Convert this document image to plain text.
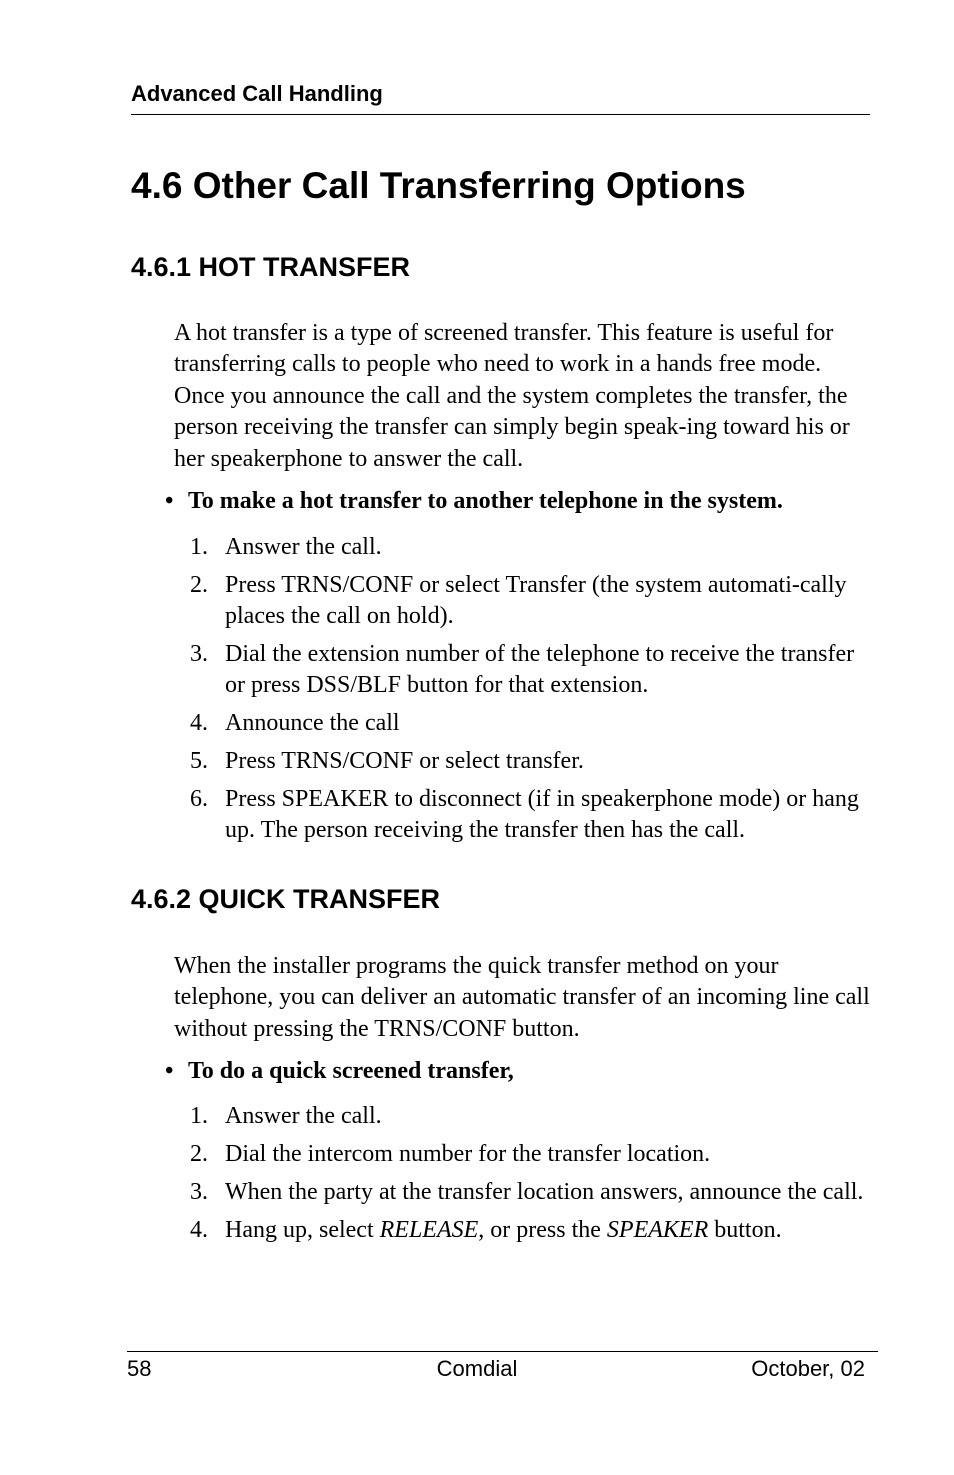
Advanced Call Handling

4.6 Other Call Transferring Options
4.6.1 HOT TRANSFER

A hot transfer is a type of screened transfer. This feature is useful for transferring calls to people who need to work in a hands free mode. Once you announce the call and the system completes the transfer, the person receiving the transfer can simply begin speak-ing toward his or her speakerphone to answer the call.

• To make a hot transfer to another telephone in the system.

1. Answer the call.
2. Press TRNS/CONF or select Transfer (the system automati-cally places the call on hold).
3. Dial the extension number of the telephone to receive the transfer or press DSS/BLF button for that extension.
4. Announce the call
5. Press TRNS/CONF or select transfer.
6. Press SPEAKER to disconnect (if in speakerphone mode) or hang up. The person receiving the transfer then has the call.
4.6.2 QUICK TRANSFER

When the installer programs the quick transfer method on your telephone, you can deliver an automatic transfer of an incoming line call without pressing the TRNS/CONF button.

• To do a quick screened transfer,

1. Answer the call.
2. Dial the intercom number for the transfer location.
3. When the party at the transfer location answers, announce the call.
4. Hang up, select RELEASE, or press the SPEAKER button.

58	Comdial	October, 02
